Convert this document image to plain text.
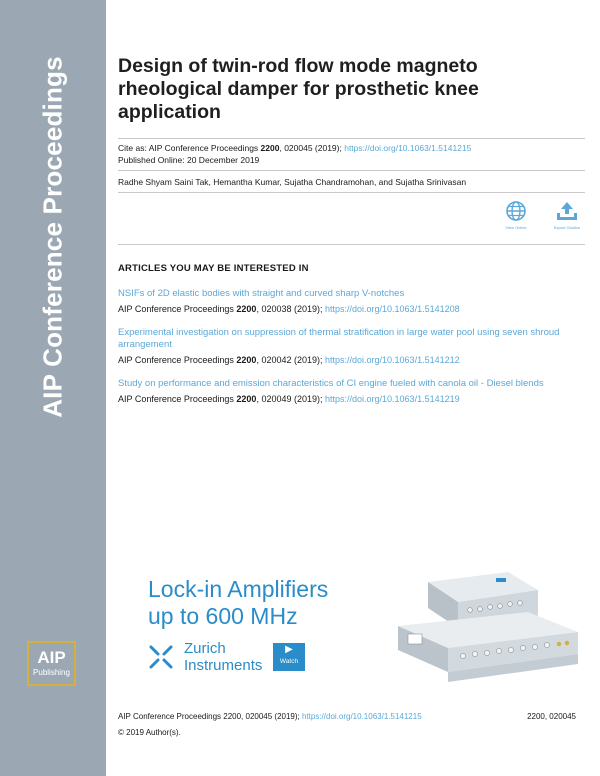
AIP Conference Proceedings
AIP
Publishing
Design of twin-rod flow mode magneto rheological damper for prosthetic knee application
Cite as: AIP Conference Proceedings 2200, 020045 (2019); https://doi.org/10.1063/1.5141215
Published Online: 20 December 2019
Radhe Shyam Saini Tak, Hemantha Kumar, Sujatha Chandramohan, and Sujatha Srinivasan
View Online	Export Citation
ARTICLES YOU MAY BE INTERESTED IN
NSIFs of 2D elastic bodies with straight and curved sharp V-notches
AIP Conference Proceedings 2200, 020038 (2019); https://doi.org/10.1063/1.5141208
Experimental investigation on suppression of thermal stratification in large water pool using seven shroud arrangement
AIP Conference Proceedings 2200, 020042 (2019); https://doi.org/10.1063/1.5141212
Study on performance and emission characteristics of CI engine fueled with canola oil - Diesel blends
AIP Conference Proceedings 2200, 020049 (2019); https://doi.org/10.1063/1.5141219
Lock-in Amplifiers
up to 600 MHz
Zurich
Instruments
▶
Watch
AIP Conference Proceedings 2200, 020045 (2019); https://doi.org/10.1063/1.5141215	2200, 020045
© 2019 Author(s).
